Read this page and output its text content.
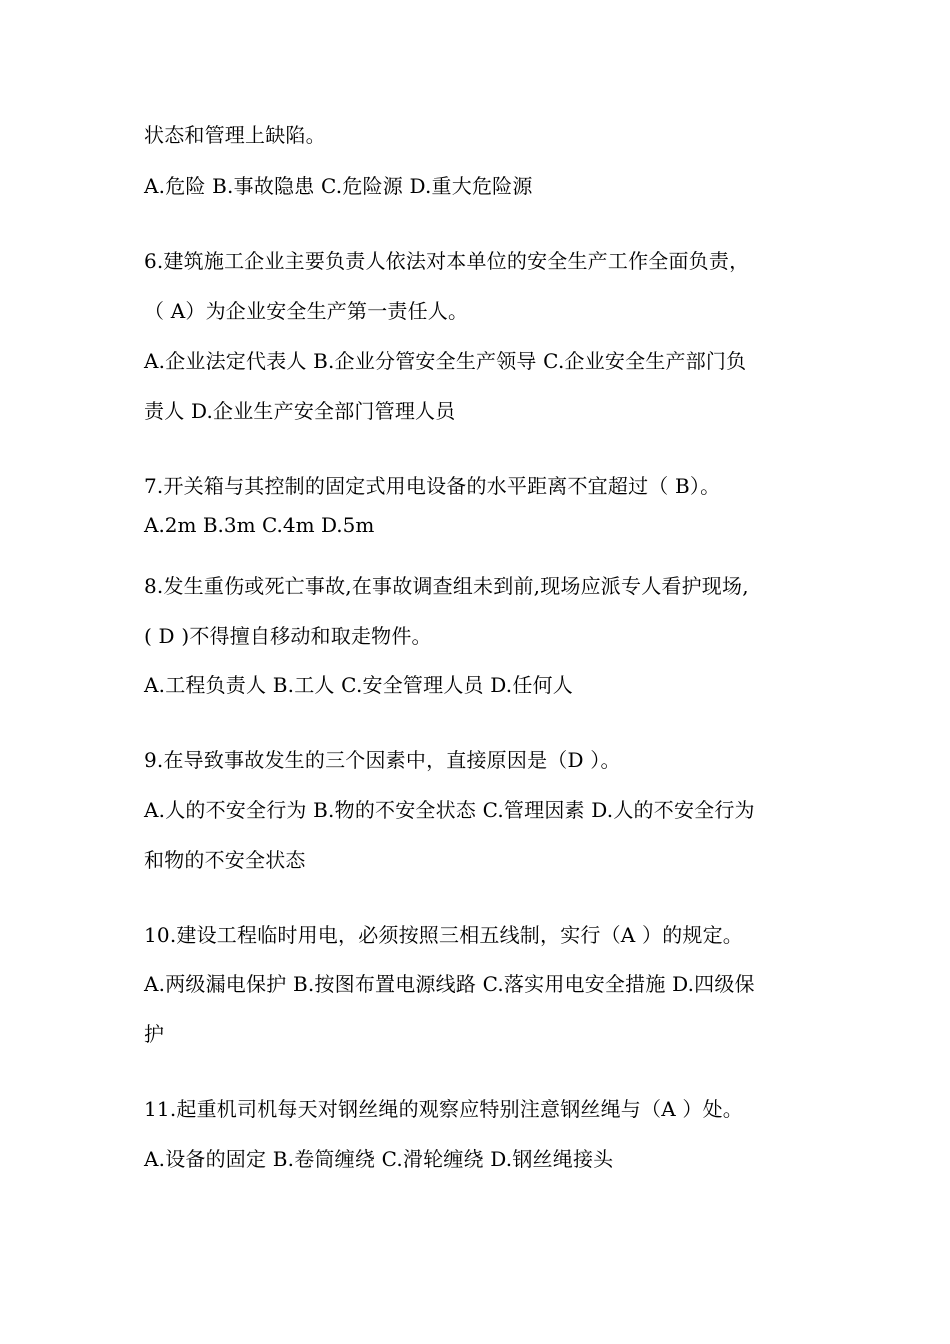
状态和管理上缺陷。
A.危险 B.事故隐患 C.危险源 D.重大危险源
6.建筑施工企业主要负责人依法对本单位的安全生产工作全面负责，
（ A）为企业安全生产第一责任人。
A.企业法定代表人 B.企业分管安全生产领导 C.企业安全生产部门负
责人 D.企业生产安全部门管理人员
7.开关箱与其控制的固定式用电设备的水平距离不宜超过（ B）。
A.2m B.3m C.4m D.5m
8.发生重伤或死亡事故,在事故调查组未到前,现场应派专人看护现场,
( D )不得擅自移动和取走物件。
A.工程负责人 B.工人 C.安全管理人员 D.任何人
9.在导致事故发生的三个因素中，直接原因是（D ）。
A.人的不安全行为 B.物的不安全状态 C.管理因素 D.人的不安全行为
和物的不安全状态
10.建设工程临时用电，必须按照三相五线制，实行（A ）的规定。
A.两级漏电保护 B.按图布置电源线路 C.落实用电安全措施 D.四级保
护
11.起重机司机每天对钢丝绳的观察应特别注意钢丝绳与（A ）处。
A.设备的固定 B.卷筒缠绕 C.滑轮缠绕 D.钢丝绳接头
